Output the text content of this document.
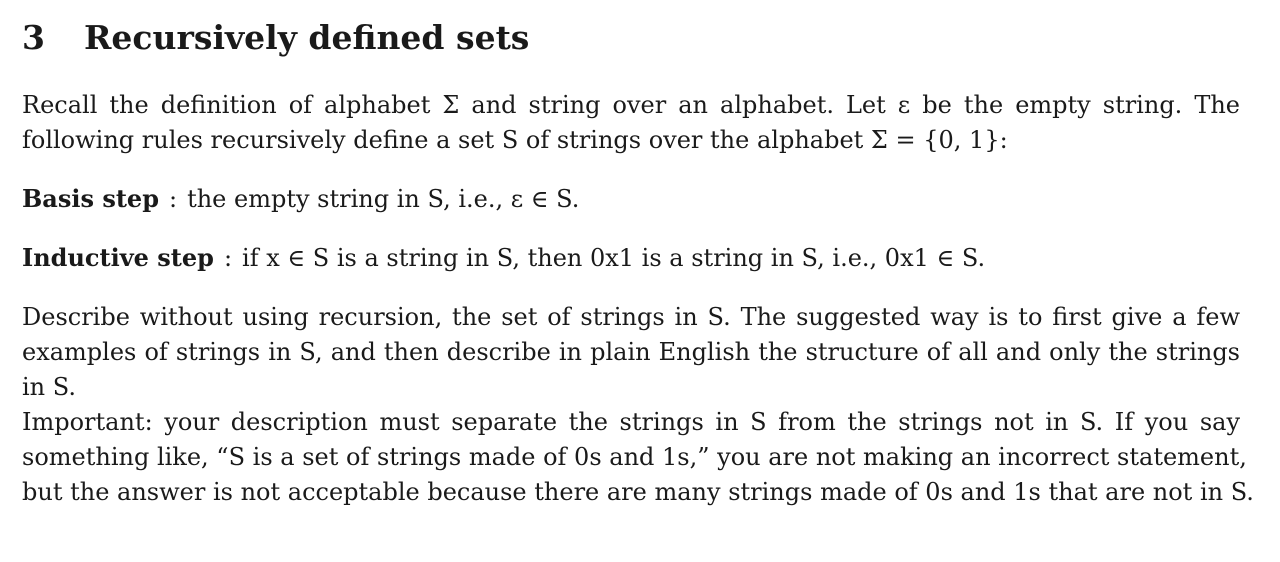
3 Recursively defined sets

Recall the definition of alphabet Σ and string over an alphabet. Let ε be the empty string. The
following rules recursively define a set S of strings over the alphabet Σ = {0, 1}:

Basis step : the empty string in S, i.e., ε ∈ S.

Inductive step : if x ∈ S is a string in S, then 0x1 is a string in S, i.e., 0x1 ∈ S.

Describe without using recursion, the set of strings in S. The suggested way is to first give a few
examples of strings in S, and then describe in plain English the structure of all and only the strings
in S.

Important: your description must separate the strings in S from the strings not in S. If you say
something like, “S is a set of strings made of 0s and 1s,” you are not making an incorrect statement,
but the answer is not acceptable because there are many strings made of 0s and 1s that are not in S.
